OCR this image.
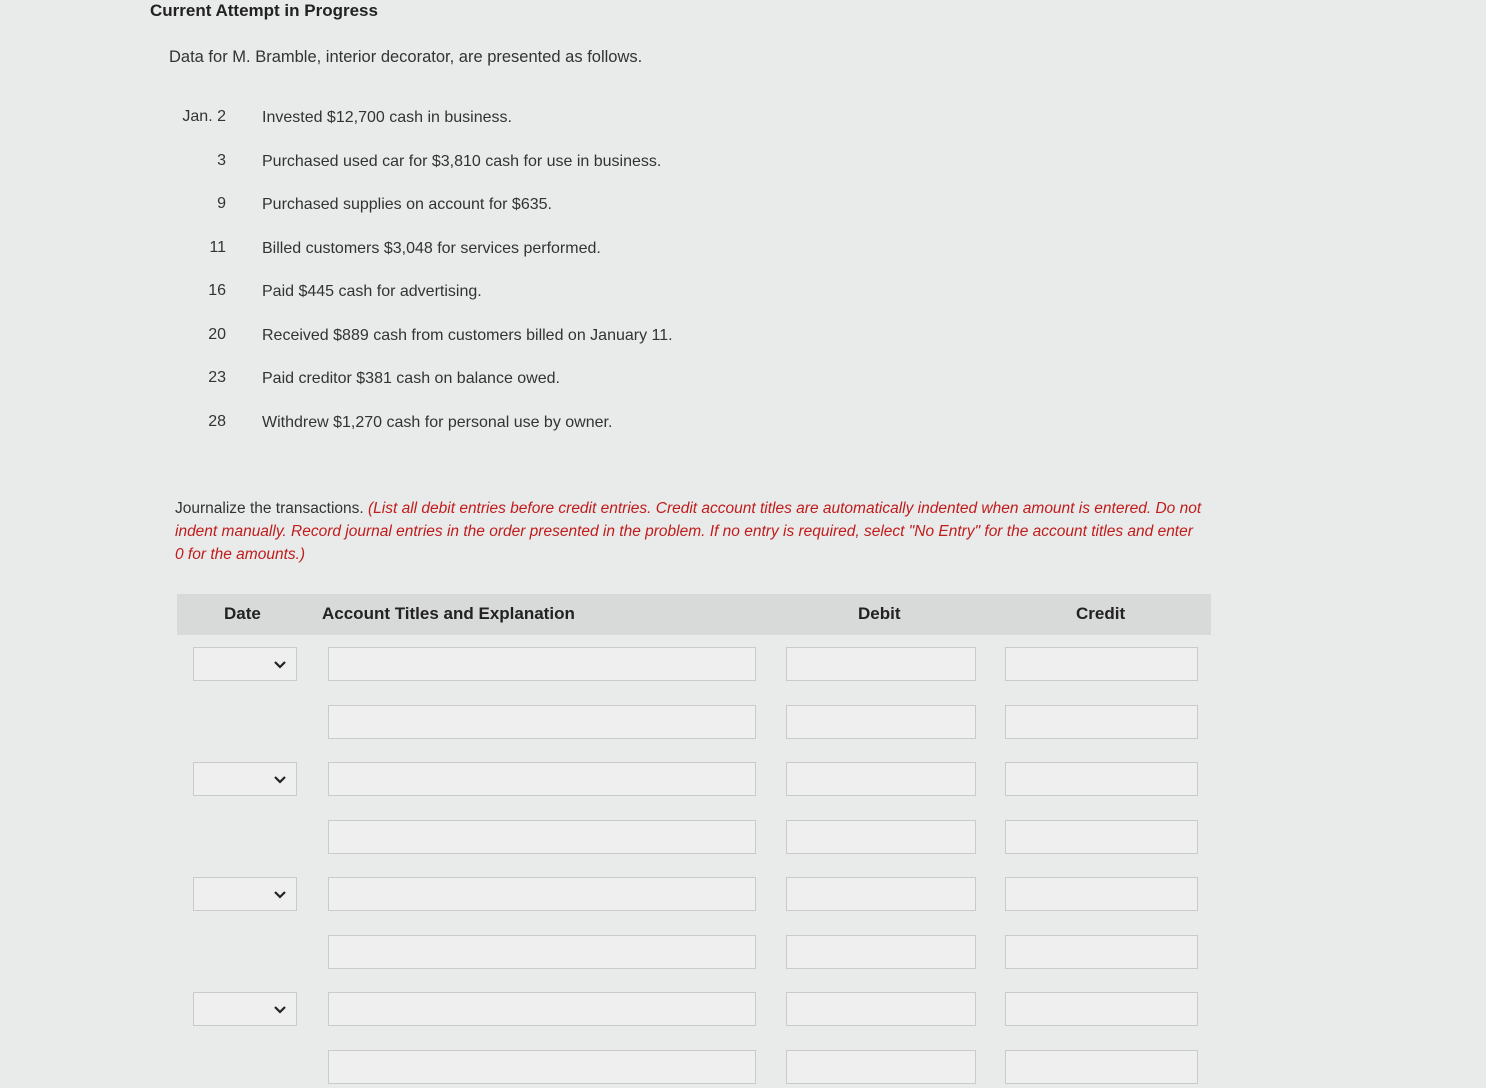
Current Attempt in Progress
Data for M. Bramble, interior decorator, are presented as follows.
Jan. 2 Invested $12,700 cash in business.
3 Purchased used car for $3,810 cash for use in business.
9 Purchased supplies on account for $635.
11 Billed customers $3,048 for services performed.
16 Paid $445 cash for advertising.
20 Received $889 cash from customers billed on January 11.
23 Paid creditor $381 cash on balance owed.
28 Withdrew $1,270 cash for personal use by owner.
Journalize the transactions. (List all debit entries before credit entries. Credit account titles are automatically indented when amount is entered. Do not indent manually. Record journal entries in the order presented in the problem. If no entry is required, select "No Entry" for the account titles and enter 0 for the amounts.)
Date	Account Titles and Explanation	Debit	Credit
